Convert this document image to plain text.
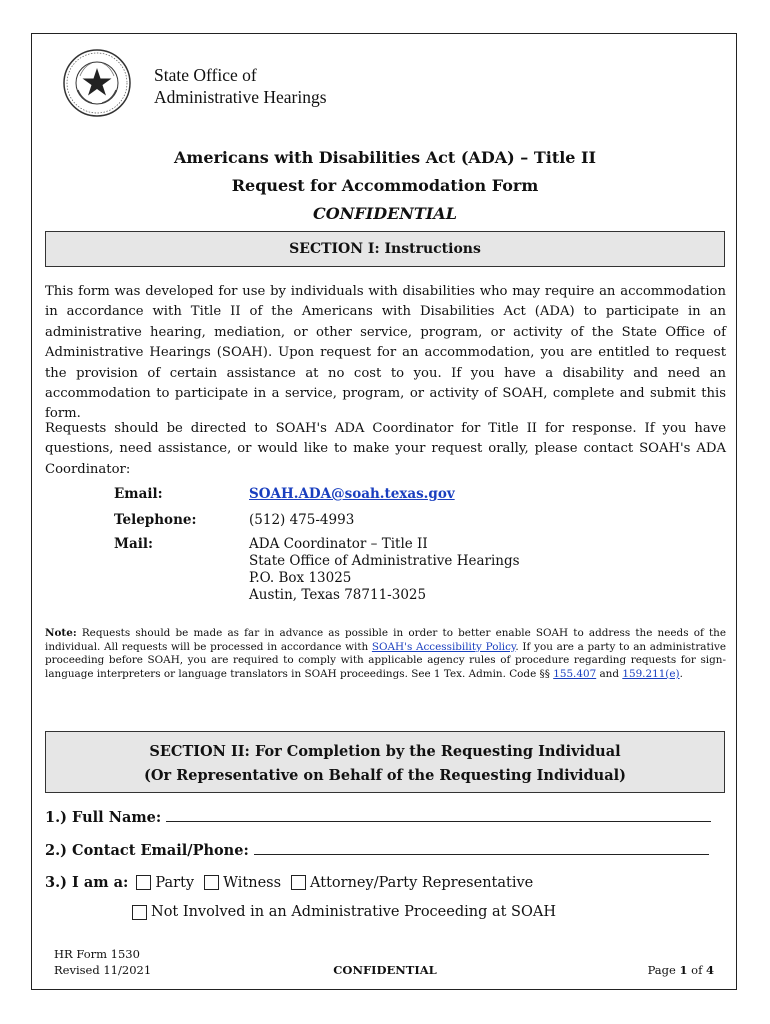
State Office of
Administrative Hearings
Americans with Disabilities Act (ADA) – Title II
Request for Accommodation Form
CONFIDENTIAL
SECTION I: Instructions

This form was developed for use by individuals with disabilities who may require an accommodation in accordance with Title II of the Americans with Disabilities Act (ADA) to participate in an administrative hearing, mediation, or other service, program, or activity of the State Office of Administrative Hearings (SOAH). Upon request for an accommodation, you are entitled to request the provision of certain assistance at no cost to you. If you have a disability and need an accommodation to participate in a service, program, or activity of SOAH, complete and submit this form.

Requests should be directed to SOAH's ADA Coordinator for Title II for response. If you have questions, need assistance, or would like to make your request orally, please contact SOAH's ADA Coordinator:

Email:	SOAH.ADA@soah.texas.gov
Telephone:	(512) 475-4993
Mail:	ADA Coordinator – Title II
State Office of Administrative Hearings
P.O. Box 13025
Austin, Texas 78711-3025

Note: Requests should be made as far in advance as possible in order to better enable SOAH to address the needs of the individual. All requests will be processed in accordance with SOAH's Accessibility Policy. If you are a party to an administrative proceeding before SOAH, you are required to comply with applicable agency rules of procedure regarding requests for sign-language interpreters or language translators in SOAH proceedings. See 1 Tex. Admin. Code §§ 155.407 and 159.211(e).

SECTION II: For Completion by the Requesting Individual
(Or Representative on Behalf of the Requesting Individual)
1.) Full Name:
2.) Contact Email/Phone:
3.) I am a: Party Witness Attorney/Party Representative
Not Involved in an Administrative Proceeding at SOAH
HR Form 1530
Revised 11/2021	CONFIDENTIAL	Page 1 of 4
